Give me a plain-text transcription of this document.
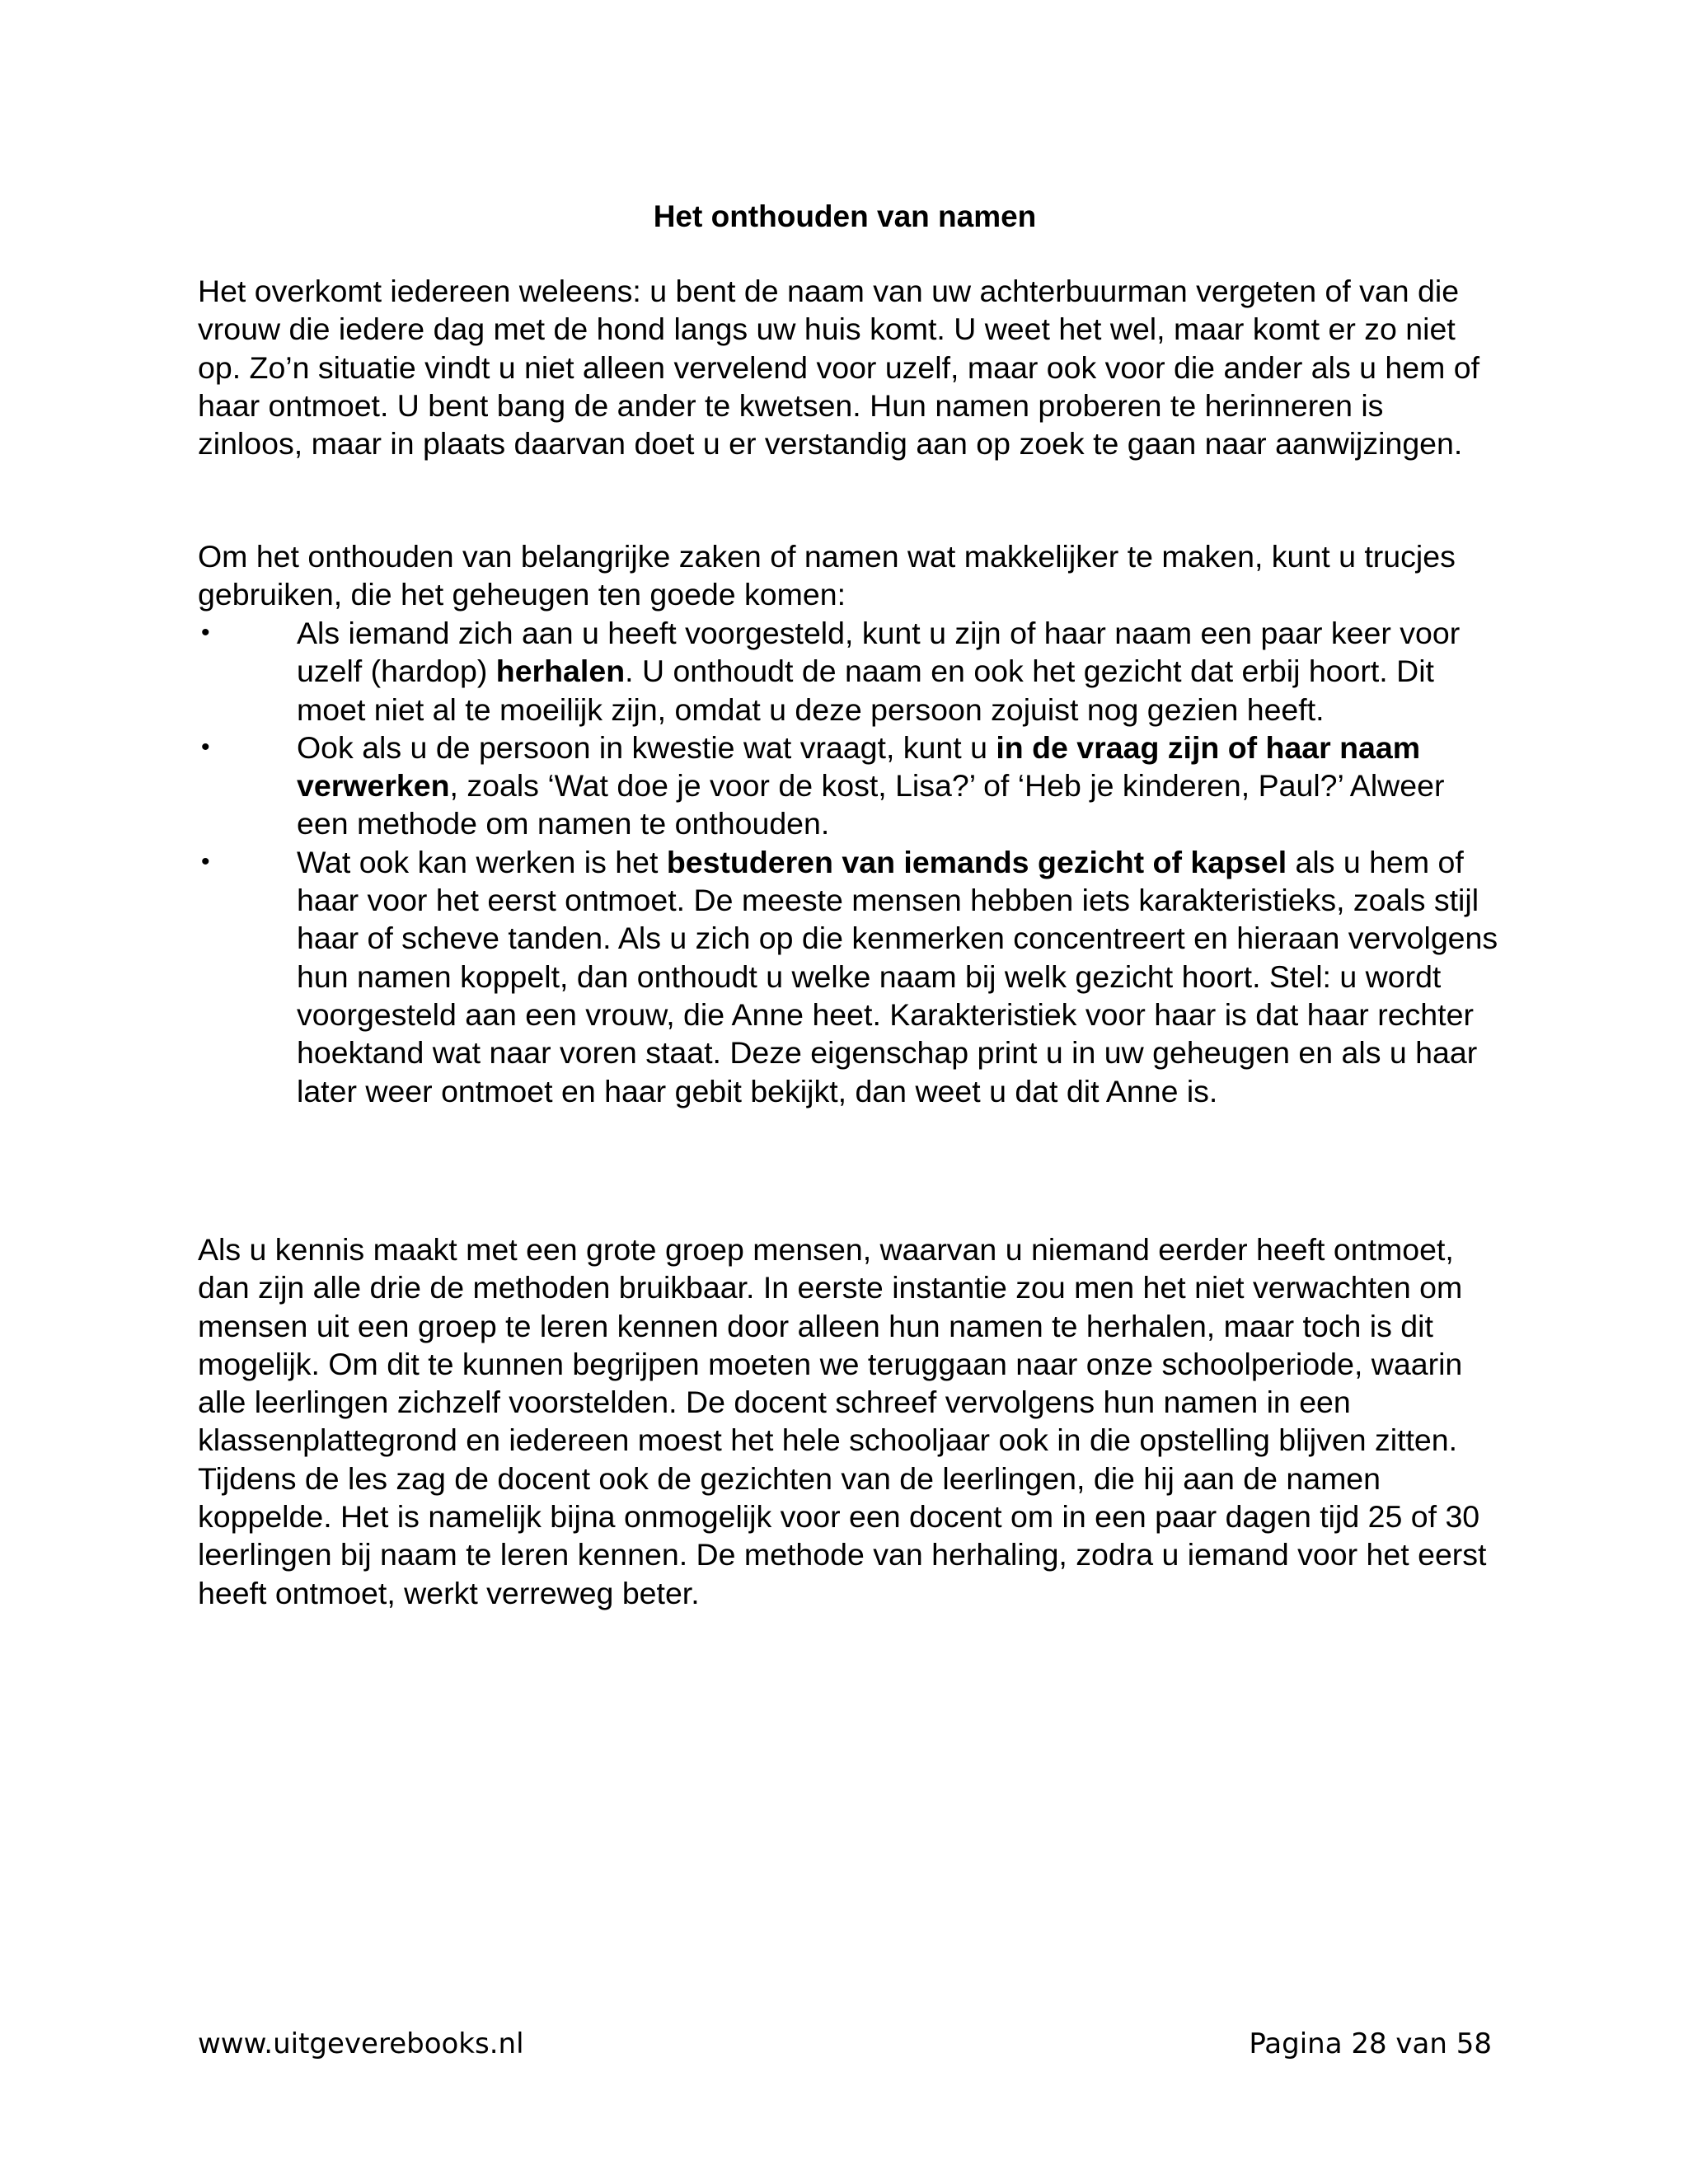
Het onthouden van namen

Het overkomt iedereen weleens: u bent de naam van uw achterbuurman vergeten of van die vrouw die iedere dag met de hond langs uw huis komt. U weet het wel, maar komt er zo niet op. Zo’n situatie vindt u niet alleen vervelend voor uzelf, maar ook voor die ander als u hem of haar ontmoet. U bent bang de ander te kwetsen. Hun namen proberen te herinneren is zinloos, maar in plaats daarvan doet u er verstandig aan op zoek te gaan naar aanwijzingen.

Om het onthouden van belangrijke zaken of namen wat makkelijker te maken, kunt u trucjes gebruiken, die het geheugen ten goede komen:

•	Als iemand zich aan u heeft voorgesteld, kunt u zijn of haar naam een paar keer voor uzelf (hardop) herhalen. U onthoudt de naam en ook het gezicht dat erbij hoort. Dit moet niet al te moeilijk zijn, omdat u deze persoon zojuist nog gezien heeft.
•	Ook als u de persoon in kwestie wat vraagt, kunt u in de vraag zijn of haar naam verwerken, zoals ‘Wat doe je voor de kost, Lisa?’ of ‘Heb je kinderen, Paul?’ Alweer een methode om namen te onthouden.
•	Wat ook kan werken is het bestuderen van iemands gezicht of kapsel als u hem of haar voor het eerst ontmoet. De meeste mensen hebben iets karakteristieks, zoals stijl haar of scheve tanden. Als u zich op die kenmerken concentreert en hieraan vervolgens hun namen koppelt, dan onthoudt u welke naam bij welk gezicht hoort. Stel: u wordt voorgesteld aan een vrouw, die Anne heet. Karakteristiek voor haar is dat haar rechter hoektand wat naar voren staat. Deze eigenschap print u in uw geheugen en als u haar later weer ontmoet en haar gebit bekijkt, dan weet u dat dit Anne is.

Als u kennis maakt met een grote groep mensen, waarvan u niemand eerder heeft ontmoet, dan zijn alle drie de methoden bruikbaar. In eerste instantie zou men het niet verwachten om mensen uit een groep te leren kennen door alleen hun namen te herhalen, maar toch is dit mogelijk. Om dit te kunnen begrijpen moeten we teruggaan naar onze schoolperiode, waarin alle leerlingen zichzelf voorstelden. De docent schreef vervolgens hun namen in een klassenplattegrond en iedereen moest het hele schooljaar ook in die opstelling blijven zitten. Tijdens de les zag de docent ook de gezichten van de leerlingen, die hij aan de namen koppelde. Het is namelijk bijna onmogelijk voor een docent om in een paar dagen tijd 25 of 30 leerlingen bij naam te leren kennen. De methode van herhaling, zodra u iemand voor het eerst heeft ontmoet, werkt verreweg beter.

www.uitgeverebooks.nl	Pagina 28 van 58
